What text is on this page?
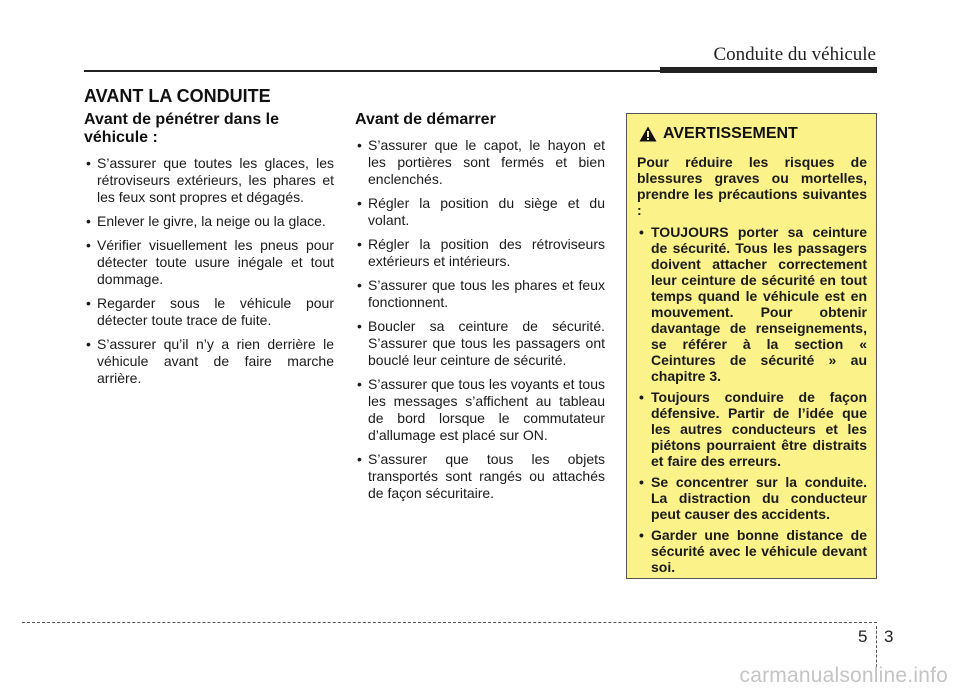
Conduite du véhicule
AVANT LA CONDUITE
Avant de pénétrer dans le véhicule :
• S’assurer que toutes les glaces, les rétroviseurs extérieurs, les phares et les feux sont propres et dégagés.
• Enlever le givre, la neige ou la glace.
• Vérifier visuellement les pneus pour détecter toute usure inégale et tout dommage.
• Regarder sous le véhicule pour détecter toute trace de fuite.
• S’assurer qu’il n’y a rien derrière le véhicule avant de faire marche arrière.
Avant de démarrer
• S’assurer que le capot, le hayon et les portières sont fermés et bien enclenchés.
• Régler la position du siège et du volant.
• Régler la position des rétroviseurs extérieurs et intérieurs.
• S’assurer que tous les phares et feux fonctionnent.
• Boucler sa ceinture de sécurité. S’assurer que tous les passagers ont bouclé leur ceinture de sécurité.
• S’assurer que tous les voyants et tous les messages s’affichent au tableau de bord lorsque le commutateur d’allumage est placé sur ON.
• S’assurer que tous les objets transportés sont rangés ou attachés de façon sécuritaire.
AVERTISSEMENT
Pour réduire les risques de blessures graves ou mortelles, prendre les précautions suivantes :
• TOUJOURS porter sa ceinture de sécurité. Tous les passagers doivent attacher correctement leur ceinture de sécurité en tout temps quand le véhicule est en mouvement. Pour obtenir davantage de renseignements, se référer à la section « Ceintures de sécurité » au chapitre 3.
• Toujours conduire de façon défensive. Partir de l’idée que les autres conducteurs et les piétons pourraient être distraits et faire des erreurs.
• Se concentrer sur la conduite. La distraction du conducteur peut causer des accidents.
• Garder une bonne distance de sécurité avec le véhicule devant soi.
5 3
carmanualsonline.info
